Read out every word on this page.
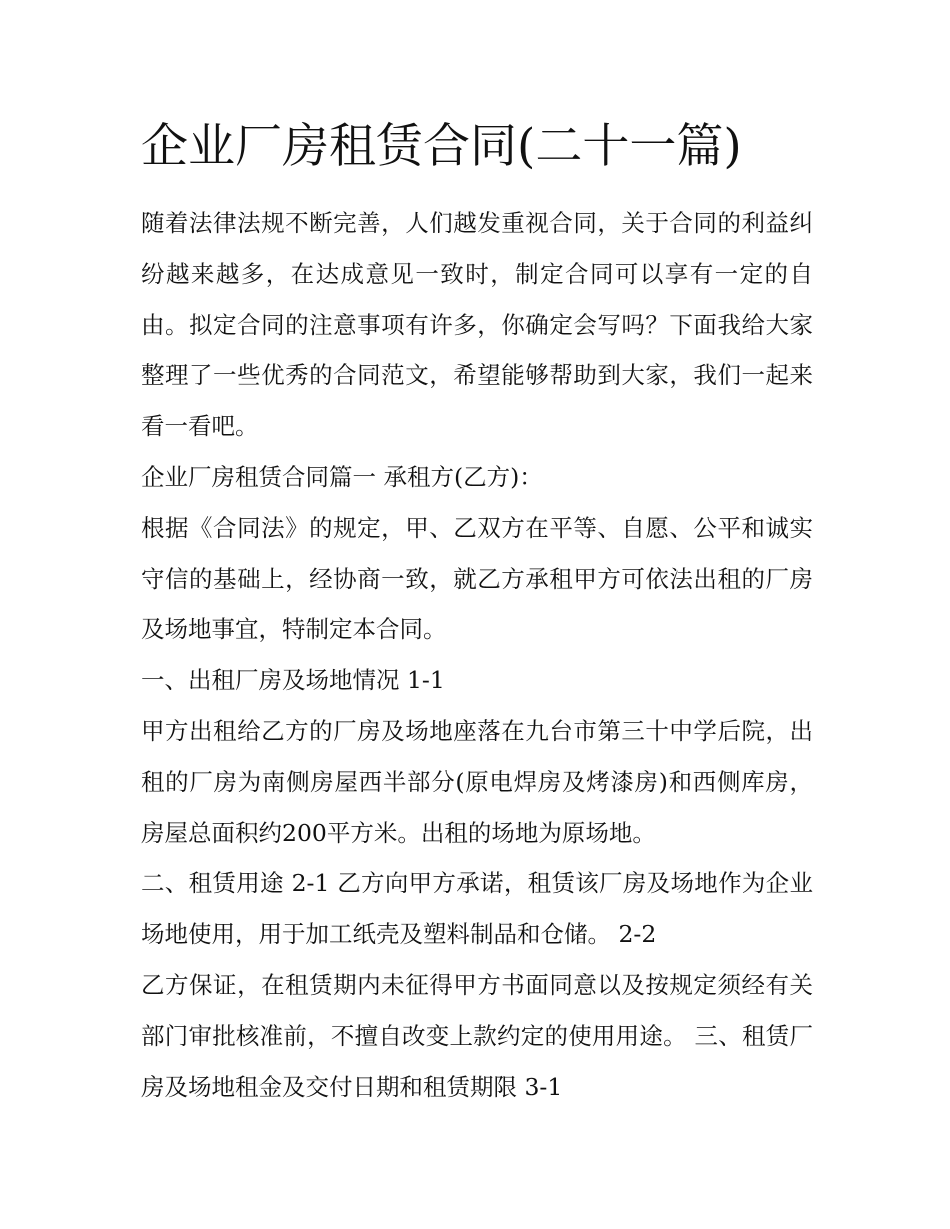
企业厂房租赁合同(二十一篇)

随着法律法规不断完善，人们越发重视合同，关于合同的利益纠纷越来越多，在达成意见一致时，制定合同可以享有一定的自由。拟定合同的注意事项有许多，你确定会写吗？下面我给大家整理了一些优秀的合同范文，希望能够帮助到大家，我们一起来看一看吧。

企业厂房租赁合同篇一 承租方(乙方)：

根据《合同法》的规定，甲、乙双方在平等、自愿、公平和诚实守信的基础上，经协商一致，就乙方承租甲方可依法出租的厂房及场地事宜，特制定本合同。

一、出租厂房及场地情况 1-1

甲方出租给乙方的厂房及场地座落在九台市第三十中学后院，出租的厂房为南侧房屋西半部分(原电焊房及烤漆房)和西侧库房，房屋总面积约200平方米。出租的场地为原场地。

二、租赁用途 2-1 乙方向甲方承诺，租赁该厂房及场地作为企业场地使用，用于加工纸壳及塑料制品和仓储。 2-2

乙方保证，在租赁期内未征得甲方书面同意以及按规定须经有关部门审批核准前，不擅自改变上款约定的使用用途。 三、租赁厂房及场地租金及交付日期和租赁期限 3-1
